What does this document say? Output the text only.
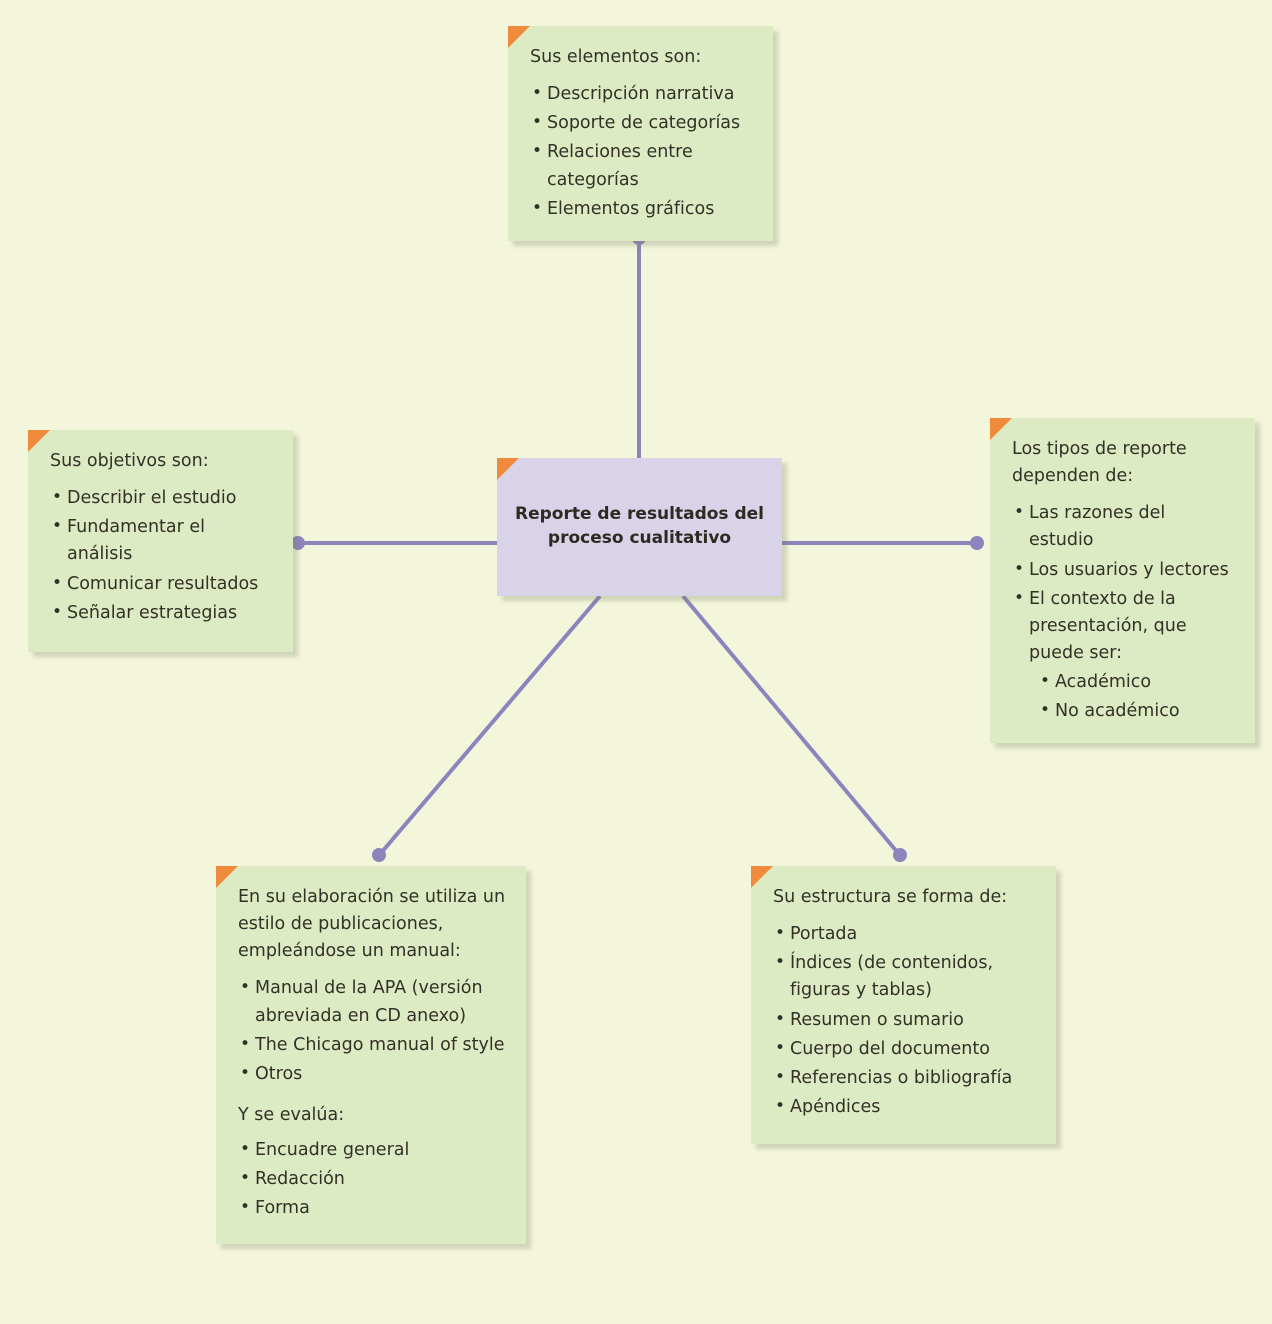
Sus elementos son:

• Descripción narrativa
• Soporte de categorías
• Relaciones entre categorías
• Elementos gráficos

Sus objetivos son:

• Describir el estudio
• Fundamentar el análisis
• Comunicar resultados
• Señalar estrategias
Reporte de resultados del proceso cualitativo

Los tipos de reporte dependen de:

• Las razones del estudio
• Los usuarios y lectores
• El contexto de la presentación, que puede ser:
• Académico
• No académico

En su elaboración se utiliza un estilo de publicaciones, empleándose un manual:

• Manual de la APA (versión abreviada en CD anexo)
• The Chicago manual of style
• Otros

Y se evalúa:

• Encuadre general
• Redacción
• Forma

Su estructura se forma de:

• Portada
• Índices (de contenidos, figuras y tablas)
• Resumen o sumario
• Cuerpo del documento
• Referencias o bibliografía
• Apéndices
